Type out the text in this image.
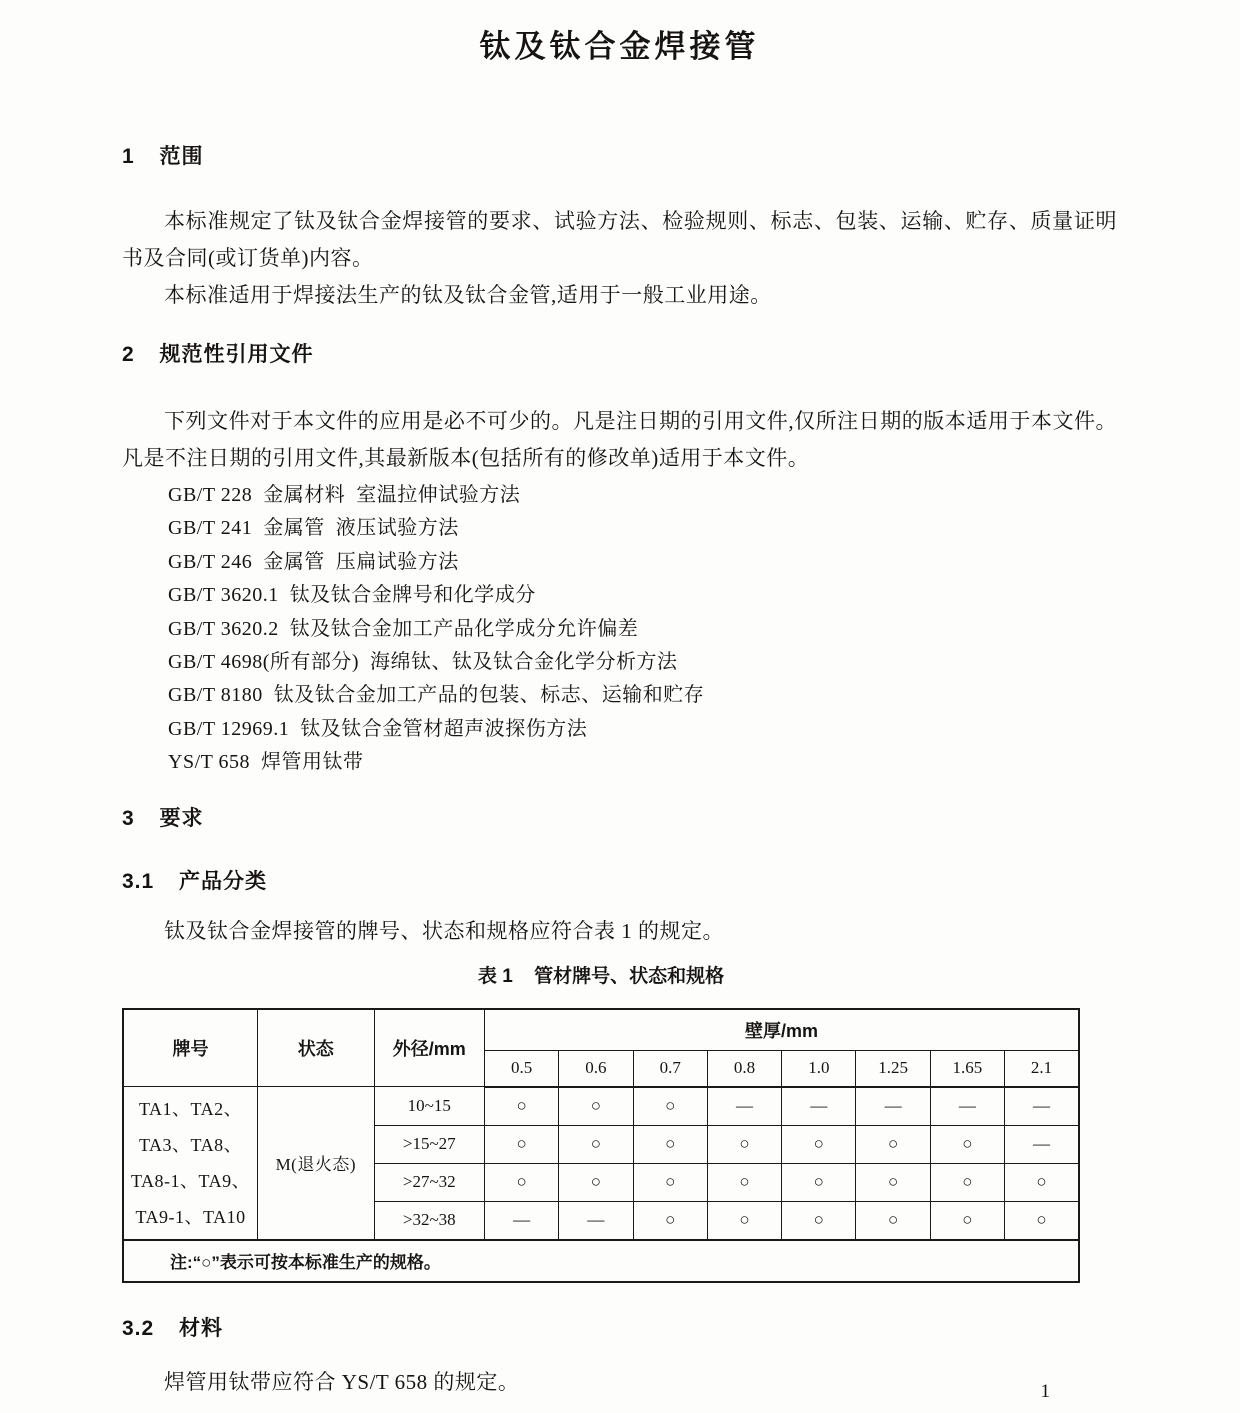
钛及钛合金焊接管
1 范围

本标准规定了钛及钛合金焊接管的要求、试验方法、检验规则、标志、包装、运输、贮存、质量证明书及合同(或订货单)内容。

本标准适用于焊接法生产的钛及钛合金管,适用于一般工业用途。

2 规范性引用文件

下列文件对于本文件的应用是必不可少的。凡是注日期的引用文件,仅所注日期的版本适用于本文件。凡是不注日期的引用文件,其最新版本(包括所有的修改单)适用于本文件。

GB/T 228  金属材料  室温拉伸试验方法
GB/T 241  金属管  液压试验方法
GB/T 246  金属管  压扁试验方法
GB/T 3620.1  钛及钛合金牌号和化学成分
GB/T 3620.2  钛及钛合金加工产品化学成分允许偏差
GB/T 4698(所有部分)  海绵钛、钛及钛合金化学分析方法
GB/T 8180  钛及钛合金加工产品的包装、标志、运输和贮存
GB/T 12969.1  钛及钛合金管材超声波探伤方法
YS/T 658  焊管用钛带
3 要求
3.1 产品分类

钛及钛合金焊接管的牌号、状态和规格应符合表 1 的规定。

表 1 管材牌号、状态和规格

牌号	状态	外径/mm	壁厚/mm							
			0.5	0.6	0.7	0.8	1.0	1.25	1.65	2.1

TA1、TA2、
TA3、TA8、
TA8-1、TA9、
TA9-1、TA10	M(退火态)	10~15	○	○	○	—	—	—	—	—
		>15~27	○	○	○	○	○	○	○	—
		>27~32	○	○	○	○	○	○	○	○
		>32~38	—	—	○	○	○	○	○	○
注:“○”表示可按本标准生产的规格。										
3.2 材料

焊管用钛带应符合 YS/T 658 的规定。	1
